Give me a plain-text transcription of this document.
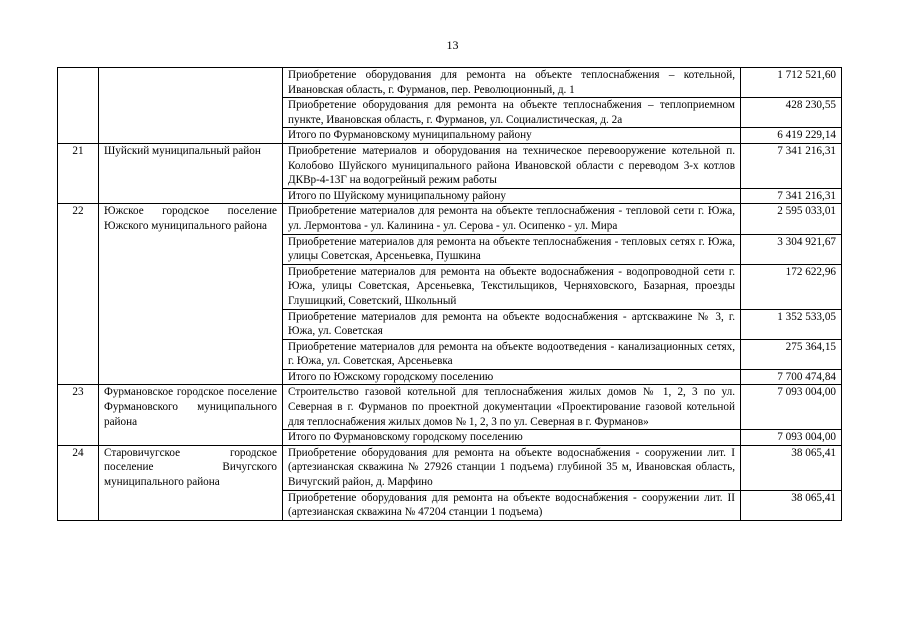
13
		Приобретение оборудования для ремонта на объекте теплоснабжения – котельной, Ивановская область, г. Фурманов, пер. Революционный, д. 1	1 712 521,60
		Приобретение оборудования для ремонта на объекте теплоснабжения – теплоприемном пункте, Ивановская область, г. Фурманов, ул. Социалистическая, д. 2а	428 230,55
		Итого по Фурмановскому муниципальному району	6 419 229,14
21	Шуйский муниципальный район	Приобретение материалов и оборудования на техническое перевооружение котельной п. Колобово Шуйского муниципального района Ивановской области с переводом 3-х котлов ДКВр-4-13Г на водогрейный режим работы	7 341 216,31
		Итого по Шуйскому муниципальному району	7 341 216,31
22	Южское городское поселение Южского муниципального района	Приобретение материалов для ремонта на объекте теплоснабжения - тепловой сети г. Южа, ул. Лермонтова - ул. Калинина - ул. Серова - ул. Осипенко - ул. Мира	2 595 033,01
		Приобретение материалов для ремонта на объекте теплоснабжения - тепловых сетях г. Южа, улицы Советская, Арсеньевка, Пушкина	3 304 921,67
		Приобретение материалов для ремонта на объекте водоснабжения - водопроводной сети г. Южа, улицы Советская, Арсеньевка, Текстильщиков, Черняховского, Базарная, проезды Глушицкий, Советский, Школьный	172 622,96
		Приобретение материалов для ремонта на объекте водоснабжения - артскважине № 3, г. Южа, ул. Советская	1 352 533,05
		Приобретение материалов для ремонта на объекте водоотведения - канализационных сетях, г. Южа, ул. Советская, Арсеньевка	275 364,15
		Итого по Южскому городскому поселению	7 700 474,84
23	Фурмановское городское поселение Фурмановского муниципального района	Строительство газовой котельной для теплоснабжения жилых домов № 1, 2, 3 по ул. Северная в г. Фурманов по проектной документации «Проектирование газовой котельной для теплоснабжения жилых домов № 1, 2, 3 по ул. Северная в г. Фурманов»	7 093 004,00
		Итого по Фурмановскому городскому поселению	7 093 004,00
24	Старовичугское городское поселение Вичугского муниципального района	Приобретение оборудования для ремонта на объекте водоснабжения - сооружении лит. I (артезианская скважина № 27926 станции 1 подъема) глубиной 35 м, Ивановская область, Вичугский район, д. Марфино	38 065,41
		Приобретение оборудования для ремонта на объекте водоснабжения - сооружении лит. II (артезианская скважина № 47204 станции 1 подъема)	38 065,41
